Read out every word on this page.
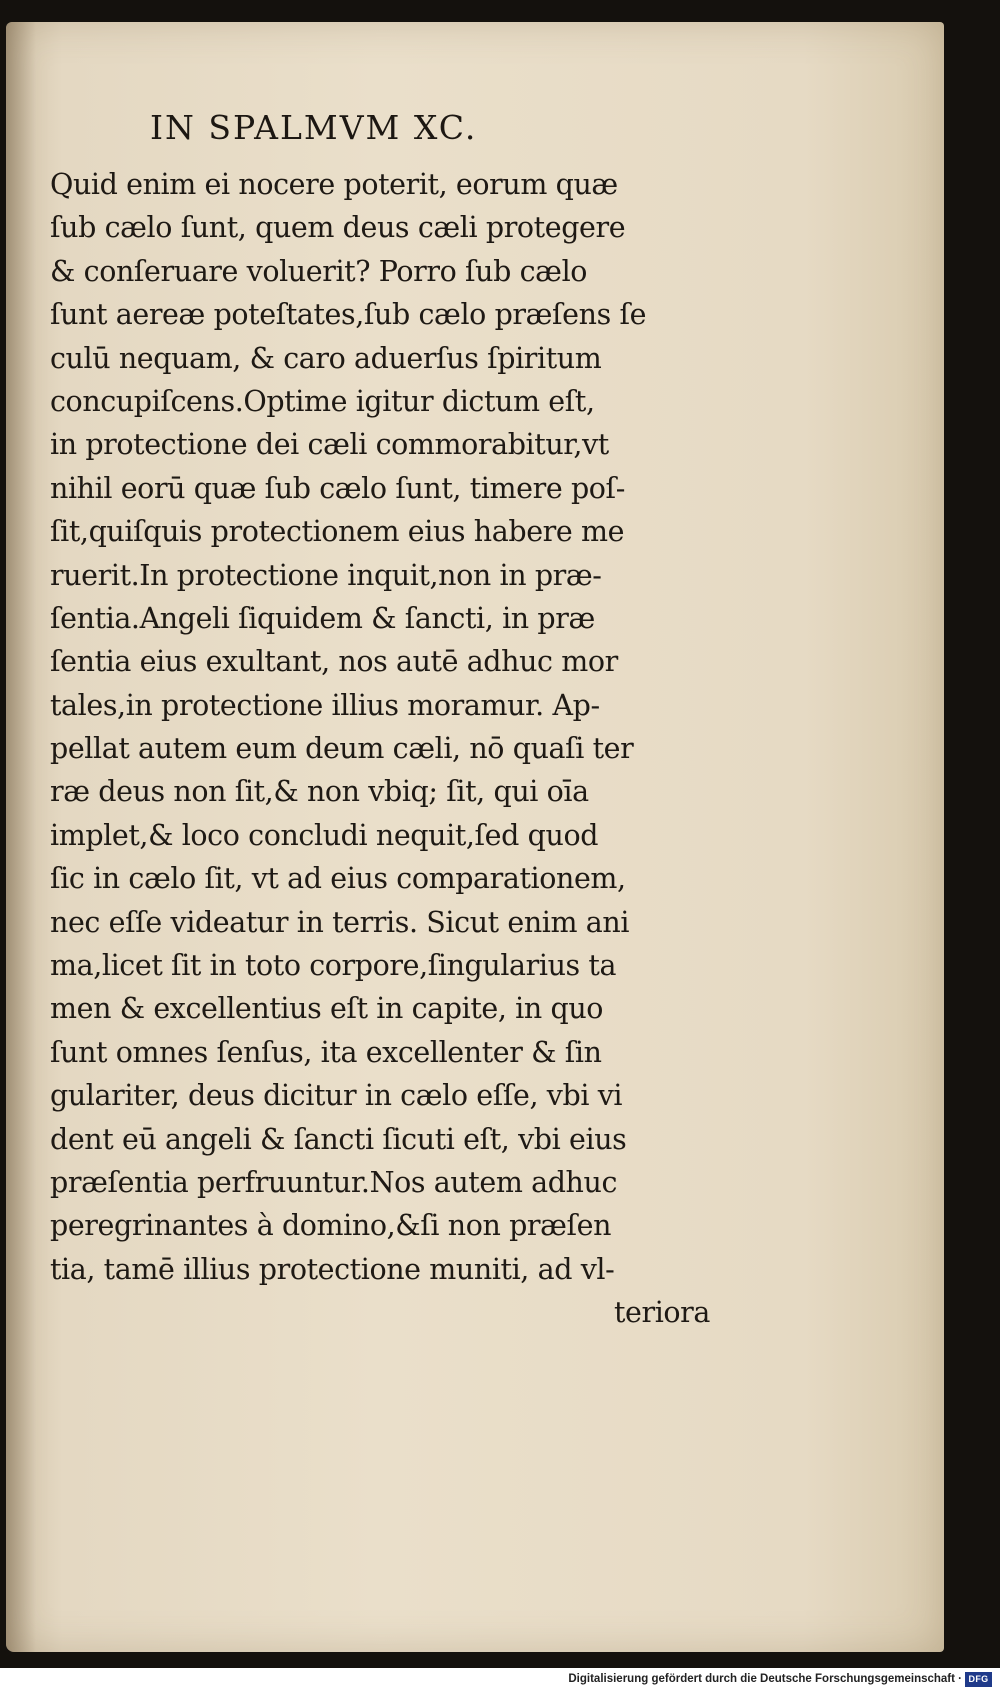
IN SPALMVM XC.
Quid enim ei nocere poterit, eorum quæ
ſub cælo ſunt, quem deus cæli protegere
& conſeruare voluerit? Porro ſub cælo
ſunt aereæ poteſtates,ſub cælo præſens ſe
culū nequam, & caro aduerſus ſpiritum
concupiſcens.Optime igitur dictum eſt,
in protectione dei cæli commorabitur,vt
nihil eorū quæ ſub cælo ſunt, timere poſ-
ſit,quiſquis protectionem eius habere me
ruerit.In protectione inquit,non in præ-
ſentia.Angeli ſiquidem & ſancti, in præ
ſentia eius exultant, nos autē adhuc mor
tales,in protectione illius moramur. Ap-
pellat autem eum deum cæli, nō quaſi ter
ræ deus non ſit,& non vbiq; ſit, qui oīa
implet,& loco concludi nequit,ſed quod
ſic in cælo ſit, vt ad eius comparationem,
nec eſſe videatur in terris. Sicut enim ani
ma,licet ſit in toto corpore,ſingularius ta
men & excellentius eſt in capite, in quo
ſunt omnes ſenſus, ita excellenter & ſin
gulariter, deus dicitur in cælo eſſe, vbi vi
dent eū angeli & ſancti ſicuti eſt, vbi eius
præſentia perfruuntur.Nos autem adhuc
peregrinantes à domino,&ſi non præſen
tia, tamē illius protectione muniti, ad vl-
teriora
Digitalisierung gefördert durch die Deutsche Forschungsgemeinschaft · DFG
